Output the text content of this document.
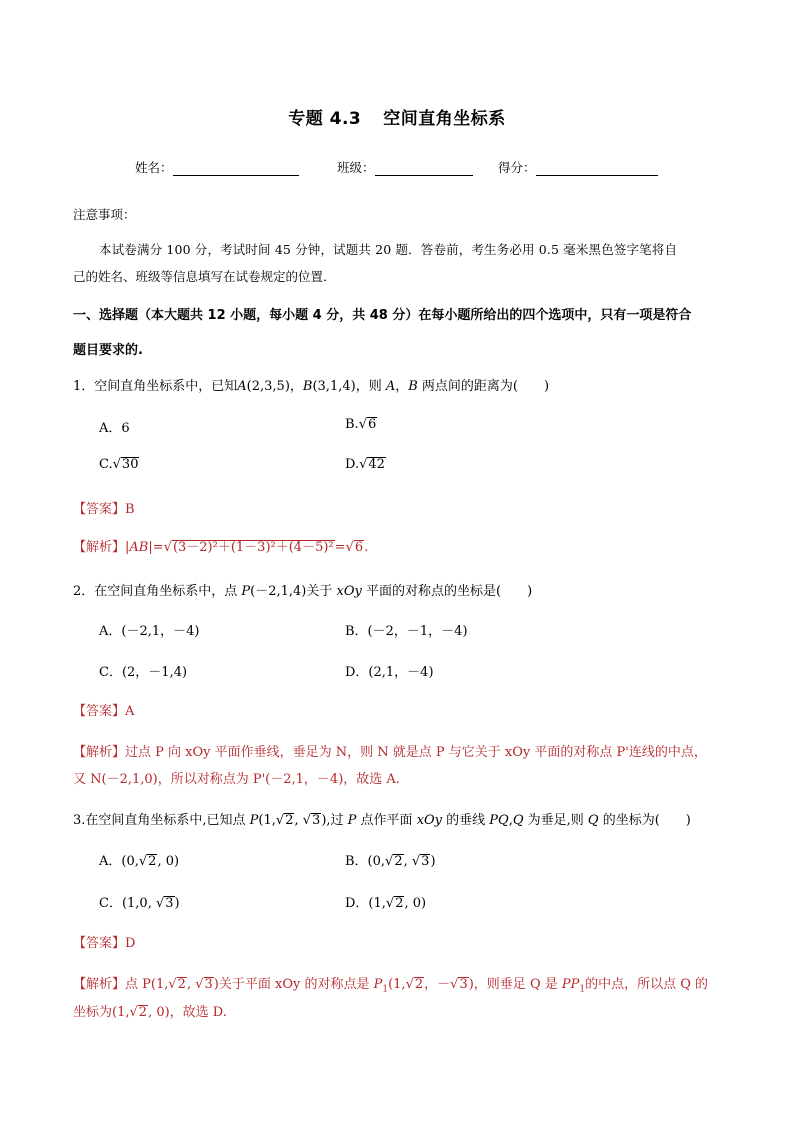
专题 4.3 空间直角坐标系
姓名：	班级：	得分：
注意事项：
本试卷满分 100 分，考试时间 45 分钟，试题共 20 题．答卷前，考生务必用 0.5 毫米黑色签字笔将自
己的姓名、班级等信息填写在试卷规定的位置．
一、选择题（本大题共 12 小题，每小题 4 分，共 48 分）在每小题所给出的四个选项中，只有一项是符合
题目要求的.
1．空间直角坐标系中，已知A(2,3,5)，B(3,1,4)，则 A，B 两点间的距离为(　　)
A．6	B.√6
C.√30	D.√42
【答案】B
【解析】|AB|=√(3－2)²＋(1－3)²＋(4－5)²=√6.
2．在空间直角坐标系中，点 P(－2,1,4)关于 xOy 平面的对称点的坐标是(　　)
A．(－2,1，－4)	B．(－2，－1，－4)
C．(2，－1,4)	D．(2,1，－4)
【答案】A
【解析】过点 P 向 xOy 平面作垂线，垂足为 N，则 N 就是点 P 与它关于 xOy 平面的对称点 P'连线的中点，
又 N(－2,1,0)，所以对称点为 P'(－2,1，－4)，故选 A.
3.在空间直角坐标系中,已知点 P(1,√2, √3),过 P 点作平面 xOy 的垂线 PQ,Q 为垂足,则 Q 的坐标为(　　)
A．(0,√2, 0)	B．(0,√2, √3)
C．(1,0, √3)	D．(1,√2, 0)
【答案】D
【解析】点 P(1,√2, √3)关于平面 xOy 的对称点是 $P_1(1,√2$，－√3)，则垂足 Q 是 $PP_1$的中点，所以点 Q 的
坐标为(1,√2, 0)，故选 D.
